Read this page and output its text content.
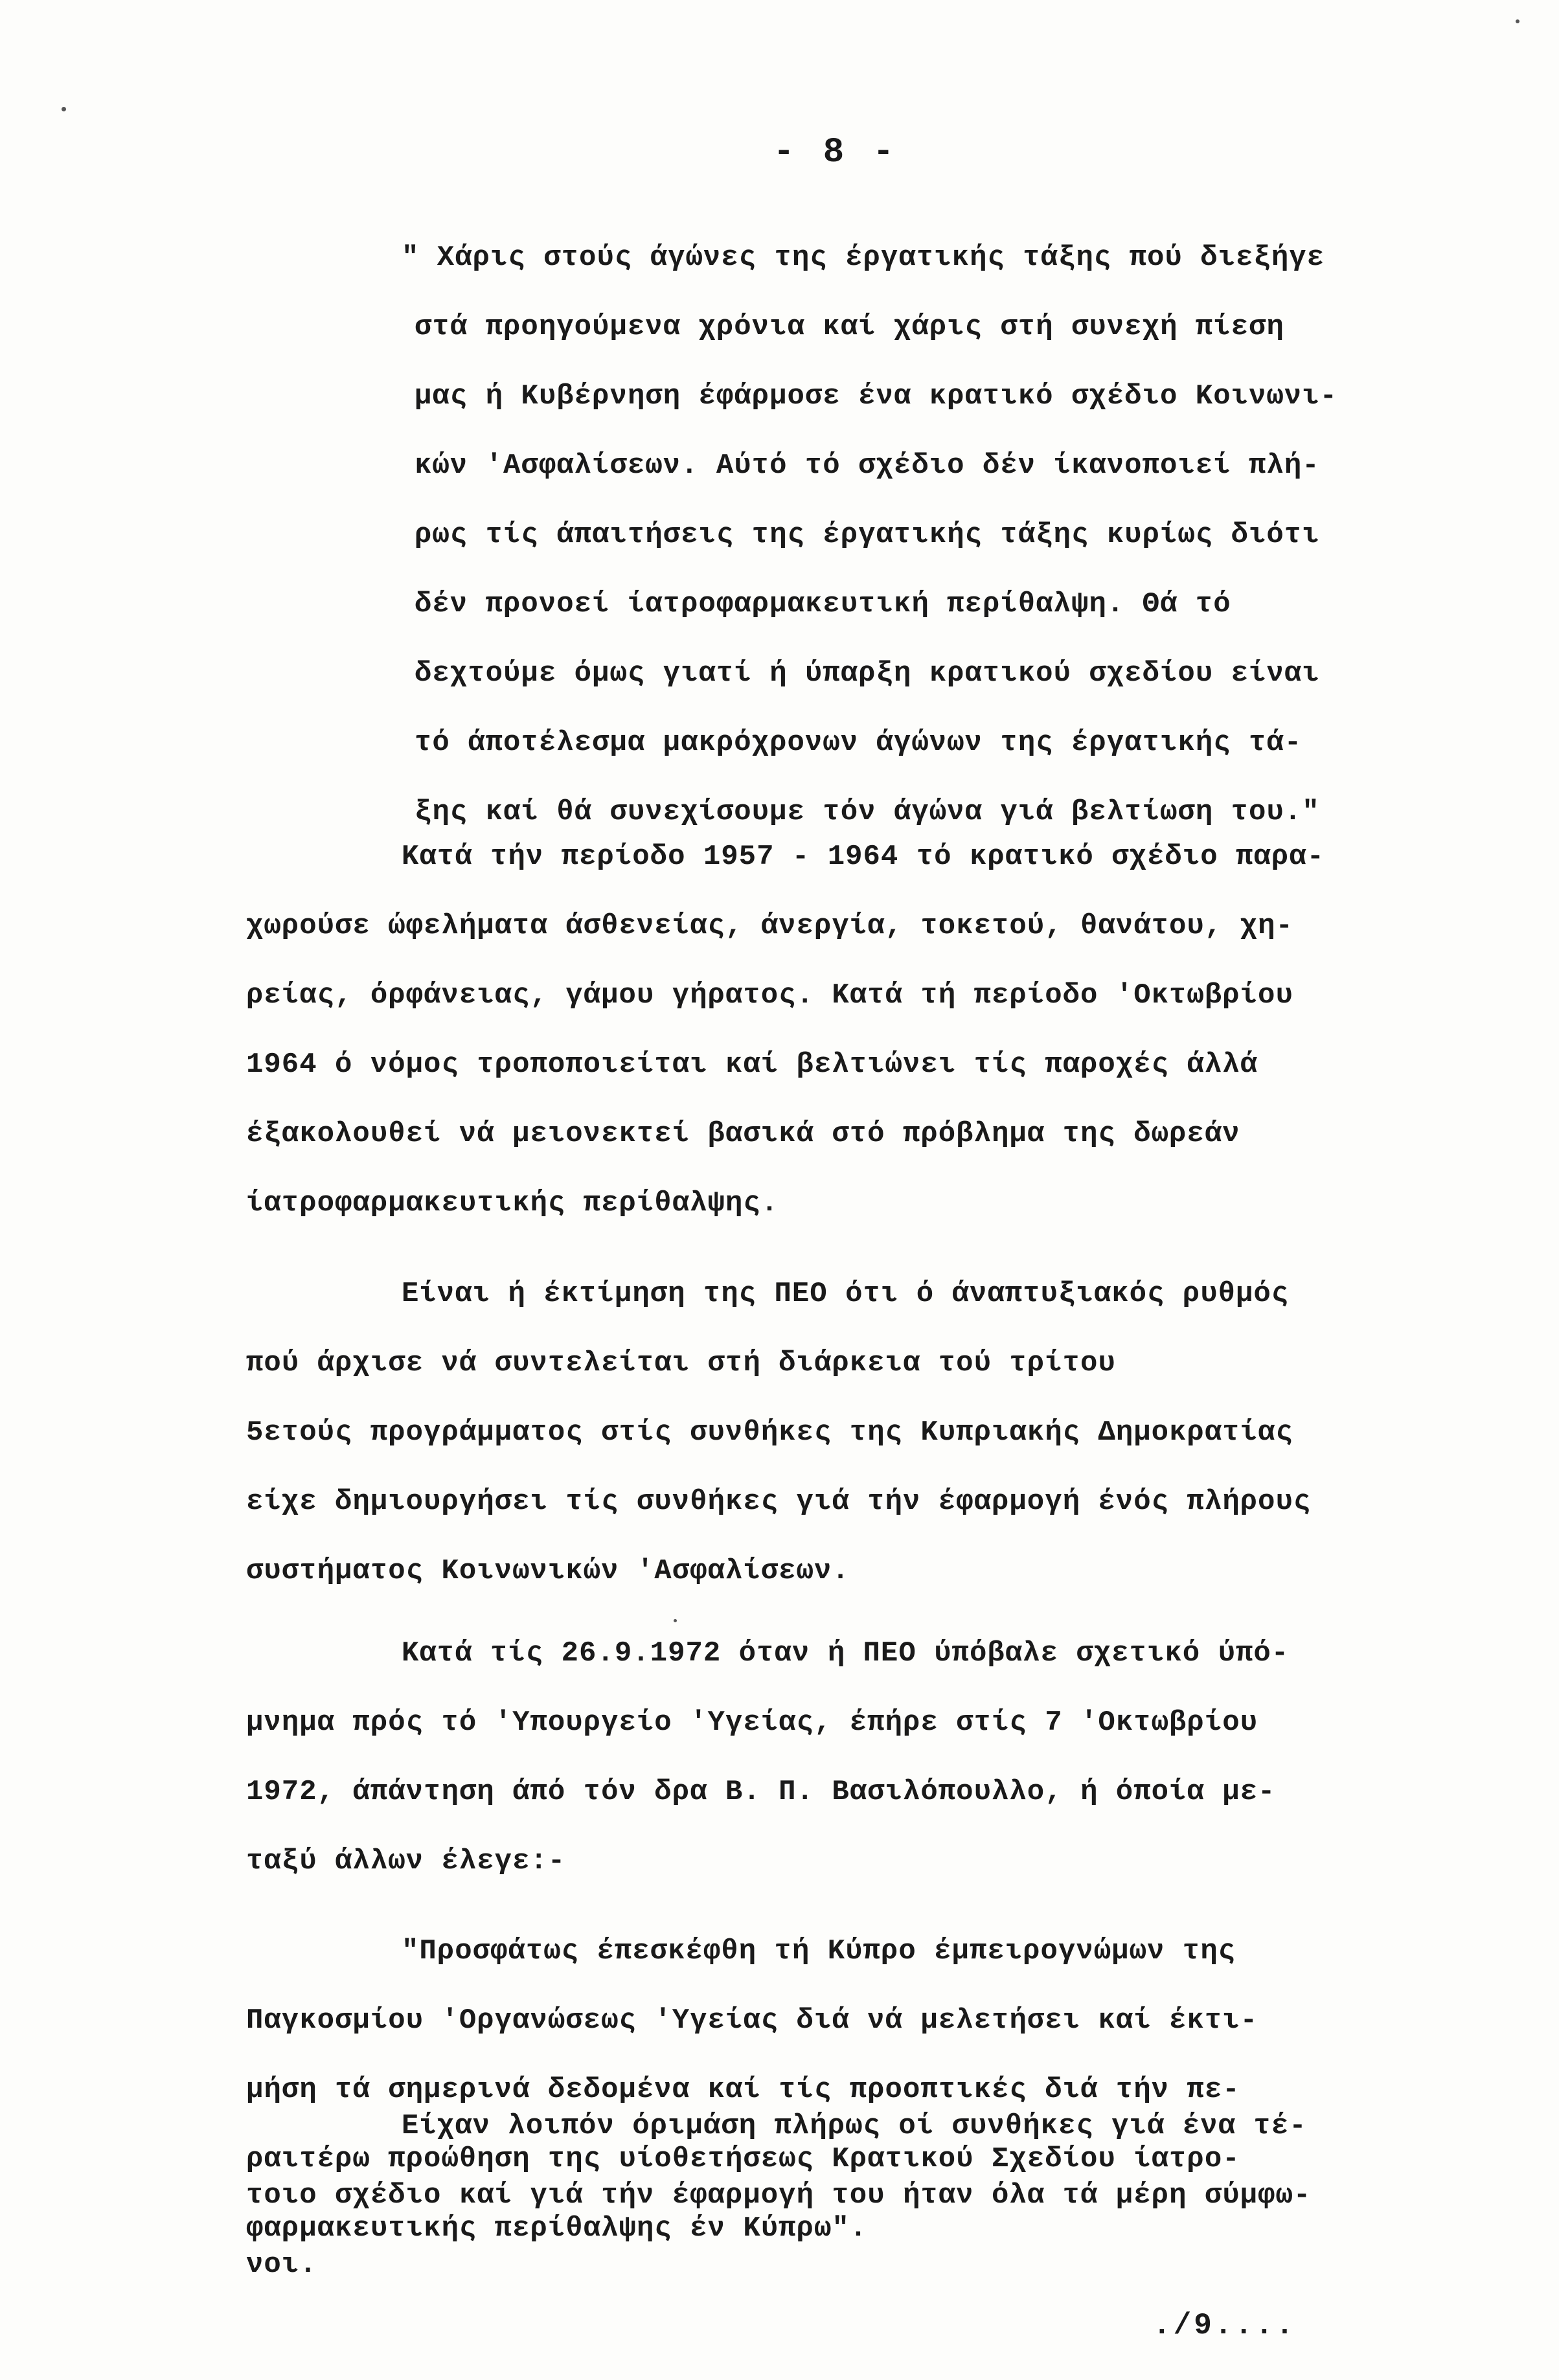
- 8 -
" Χάρις στούς άγώνες της έργατικής τάξης πού διεξήγε
στά προηγούμενα χρόνια καί χάρις στή συνεχή πίεση
μας ή Κυβέρνηση έφάρμοσε ένα κρατικό σχέδιο Κοινωνι-
κών 'Ασφαλίσεων. Αύτό τό σχέδιο δέν ίκανοποιεί πλή-
ρως τίς άπαιτήσεις της έργατικής τάξης κυρίως διότι
δέν προνοεί ίατροφαρμακευτική περίθαλψη. Θά τό
δεχτούμε όμως γιατί ή ύπαρξη κρατικού σχεδίου είναι
τό άποτέλεσμα μακρόχρονων άγώνων της έργατικής τά-
ξης καί θά συνεχίσουμε τόν άγώνα γιά βελτίωση του."
Κατά τήν περίοδο 1957 - 1964 τό κρατικό σχέδιο παρα-
χωρούσε ώφελήματα άσθενείας, άνεργία, τοκετού, θανάτου, χη-
ρείας, όρφάνειας, γάμου γήρατος. Κατά τή περίοδο 'Οκτωβρίου
1964 ό νόμος τροποποιείται καί βελτιώνει τίς παροχές άλλά
έξακολουθεί νά μειονεκτεί βασικά στό πρόβλημα της δωρεάν
ίατροφαρμακευτικής περίθαλψης.
Είναι ή έκτίμηση της ΠΕΟ ότι ό άναπτυξιακός ρυθμός
πού άρχισε νά συντελείται στή διάρκεια τού τρίτου
5ετούς προγράμματος στίς συνθήκες της Κυπριακής Δημοκρατίας
είχε δημιουργήσει τίς συνθήκες γιά τήν έφαρμογή ένός πλήρους
συστήματος Κοινωνικών 'Ασφαλίσεων.
Κατά τίς 26.9.1972 όταν ή ΠΕΟ ύπόβαλε σχετικό ύπό-
μνημα πρός τό 'Υπουργείο 'Υγείας, έπήρε στίς 7 'Οκτωβρίου
1972, άπάντηση άπό τόν δρα Β. Π. Βασιλόπουλλο, ή όποία με-
ταξύ άλλων έλεγε:-
"Προσφάτως έπεσκέφθη τή Κύπρο έμπειρογνώμων της
Παγκοσμίου 'Οργανώσεως 'Υγείας διά νά μελετήσει καί έκτι-
μήση τά σημερινά δεδομένα καί τίς προοπτικές διά τήν πε-
ραιτέρω προώθηση της υίοθετήσεως Κρατικού Σχεδίου ίατρο-
φαρμακευτικής περίθαλψης έν Κύπρω".
Είχαν λοιπόν όριμάση πλήρως οί συνθήκες γιά ένα τέ-
τοιο σχέδιο καί γιά τήν έφαρμογή του ήταν όλα τά μέρη σύμφω-
νοι.
./9....
